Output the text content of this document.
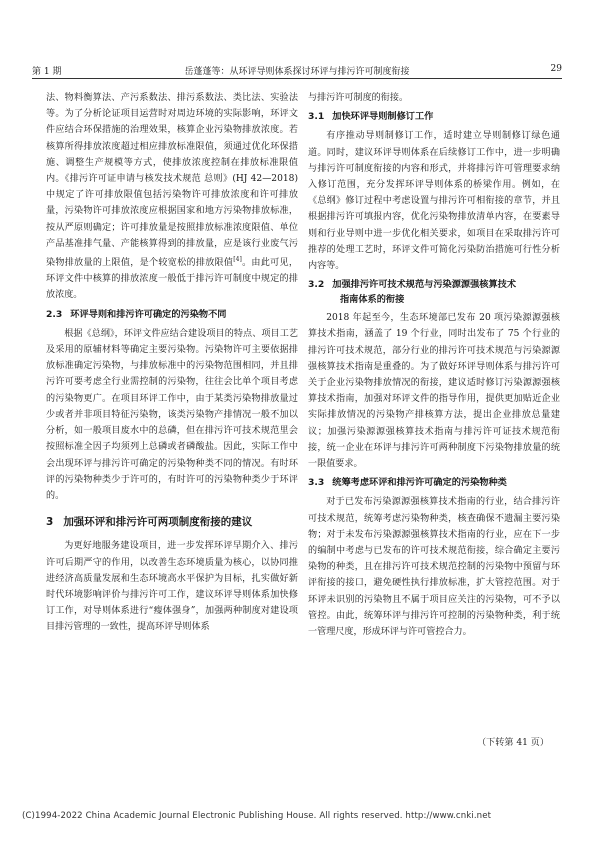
第 1 期	岳蓬蓬等：从环评导则体系探讨环评与排污许可制度衔接	29

法、物料衡算法、产污系数法、排污系数法、类比法、实验法等。为了分析论证项目运营时对周边环境的实际影响，环评文件应结合环保措施的治理效果，核算企业污染物排放浓度。若核算所得排放浓度超过相应排放标准限值，须通过优化环保措施、调整生产规模等方式，使排放浓度控制在排放标准限值内。《排污许可证申请与核发技术规范 总则》(HJ 42—2018) 中规定了许可排放限值包括污染物许可排放浓度和许可排放量，污染物许可排放浓度应根据国家和地方污染物排放标准，按从严原则确定；许可排放量是按照排放标准浓度限值、单位产品基准排气量、产能核算得到的排放量，应是该行业废气污染物排放量的上限值，是个较宽松的排放限值[4]。由此可见，环评文件中核算的排放浓度一般低于排污许可制度中规定的排放浓度。

2.3 环评导则和排污许可确定的污染物不同

根据《总纲》，环评文件应结合建设项目的特点、项目工艺及采用的原辅材料等确定主要污染物。污染物许可主要依据排放标准确定污染物，与排放标准中的污染物范围相同，并且排污许可要考虑全行业需控制的污染物，往往会比单个项目考虑的污染物更广。在项目环评工作中，由于某类污染物排放量过少或者并非项目特征污染物，该类污染物产排情况一般不加以分析，如一般项目废水中的总磷，但在排污许可技术规范里会按照标准全因子均须列上总磷或者磷酸盐。因此，实际工作中会出现环评与排污许可确定的污染物种类不同的情况。有时环评的污染物种类少于许可的，有时许可的污染物种类少于环评的。

3 加强环评和排污许可两项制度衔接的建议

为更好地服务建设项目，进一步发挥环评早期介入、排污许可后期严守的作用，以改善生态环境质量为核心，以协同推进经济高质量发展和生态环境高水平保护为目标，扎实做好新时代环境影响评价与排污许可工作，建议环评导则体系加快修订工作，对导则体系进行“瘦体强身”，加强两种制度对建设项目排污管理的一致性，提高环评导则体系

与排污许可制度的衔接。

3.1 加快环评导则制修订工作

有序推动导则制修订工作，适时建立导则制修订绿色通道。同时，建议环评导则体系在后续修订工作中，进一步明确与排污许可制度衔接的内容和形式，并将排污许可管理要求纳入修订范围，充分发挥环评导则体系的桥梁作用。例如，在《总纲》修订过程中考虑设置与排污许可相衔接的章节，并且根据排污许可填报内容，优化污染物排放清单内容，在要素导则和行业导则中进一步优化相关要求，如项目在采取排污许可推荐的处理工艺时，环评文件可简化污染防治措施可行性分析内容等。

3.2 加强排污许可技术规范与污染源源强核算技术
指南体系的衔接

2018 年起至今，生态环境部已发布 20 项污染源源强核算技术指南，涵盖了 19 个行业，同时出发布了 75 个行业的排污许可技术规范，部分行业的排污许可技术规范与污染源源强核算技术指南是重叠的。为了做好环评导则体系与排污许可关于企业污染物排放情况的衔接，建议适时修订污染源源强核算技术指南，加强对环评文件的指导作用，提供更加贴近企业实际排放情况的污染物产排核算方法，提出企业排放总量建议；加强污染源源强核算技术指南与排污许可证技术规范衔接，统一企业在环评与排污许可两种制度下污染物排放量的统一限值要求。

3.3 统筹考虑环评和排污许可确定的污染物种类

对于已发布污染源源强核算技术指南的行业，结合排污许可技术规范，统筹考虑污染物种类，核查确保不遗漏主要污染物；对于未发布污染源源强核算技术指南的行业，应在下一步的编制中考虑与已发布的许可技术规范衔接，综合确定主要污染物的种类，且在排污许可技术规范控制的污染物中预留与环评衔接的接口，避免硬性执行排放标准，扩大管控范围。对于环评未识别的污染物且不属于项目应关注的污染物，可不予以管控。由此，统筹环评与排污许可控制的污染物种类，利于统一管理尺度，形成环评与许可管控合力。

（下转第 41 页）
(C)1994-2022 China Academic Journal Electronic Publishing House. All rights reserved. http://www.cnki.net
